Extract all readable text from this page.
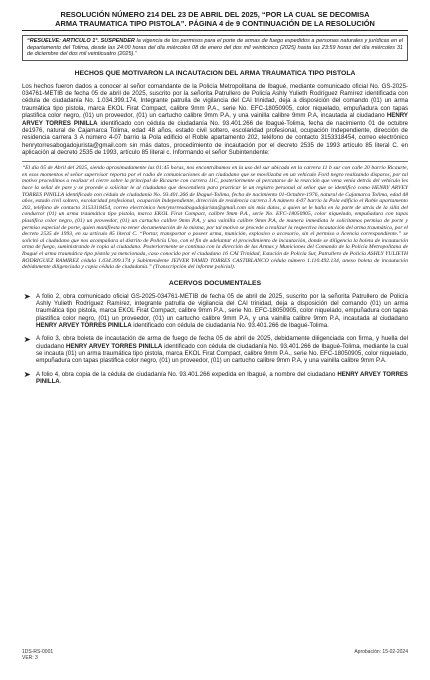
RESOLUCIÓN NÚMERO 214 DEL 23 DE ABRIL DEL 2025, “POR LA CUAL SE DECOMISA
ARMA TRAUMATICA TIPO PISTOLA”. PÁGINA 4 de 9 CONTINUACIÓN DE LA RESOLUCIÓN
“RESUELVE: ARTICULO 1°. SUSPENDER la vigencia de los permisos para el porte de armas de fuego expedidos a personas naturales y jurídicas en el departamento del Tolima, desde las 24:00 horas del día miércoles 08 de enero del dos mil veinticinco (2025) hasta las 23:59 horas del día miércoles 31 de diciembre del dos mil veinticuatro (2025).”
HECHOS QUE MOTIVARON LA INCAUTACION DEL ARMA TRAUMATICA TIPO PISTOLA
Los hechos fueron dados a conocer al señor comandante de la Policía Metropolitana de Ibagué, mediante comunicado oficial No. GS-2025-034761-METIB de fecha 05 de abril de 2025, suscrito por la señorita Patrullero de Policía Ashly Yulieth Rodríguez Ramírez identificada con cédula de ciudadanía No. 1.034.399.174, Integrante patrulla de vigilancia del CAI trinidad, deja a disposición del comando (01) un arma traumática tipo pistola, marca EKOL Firat Compact, calibre 9mm P.A., serie No. EFC-18050905, color niquelado, empuñadura con tapas plastifica color negro, (01) un proveedor, (01) un cartucho calibre 9mm P.A, y una vainilla calibre 9mm P.A, incautada al ciudadano HENRY ARVEY TORRES PINILLA identificado con cédula de ciudadanía No. 93.401.266 de Ibagué-Tolima, fecha de nacimiento 01 de octubre de1976, natural de Cajamarca Tolima, edad 48 años, estado civil soltero, escolaridad profesional, ocupación Independiente, dirección de residencia carrera 3 A número 4-07 barrio la Pola edificio el Roble apartamento 202, teléfono de contacto 3153318454, correo electrónico henrytorresabogadojurista@gmail.com sin más datos, procedimiento de incautación por el decreto 2535 de 1993 artículo 85 literal C. en aplicación al decreto 2535 de 1993, artículo 85 literal c. Informando el señor Subintendente:
“El día 05 de Abril del 2025, siendo aproximadamente las 01:45 horas, nos encontrábamos en la uso del sur ubicada en la carrera 11 b sur con calle 20 barrio Ricaurte, en esos momentos el señor supervisor reporta por el radio de comunicaciones de un ciudadano que se movilizaba en un vehículo Ford negro realizando disparos, por tal motivo procedimos a realizar el cierre sobre la principal de Ricaurte con carrera 11C, posteriormente al percatarse de la reacción que vena venía detrás del vehículo les hace la señal de pare y se procede a solicitar le al ciudadano que descendiera para practicar le un registro personal al señor que se identificó como HENRY ARVEY TORRES PINILLA identificado con cédula de ciudadanía No. 93.401.266 de Ibagué-Tolima, fecha de nacimiento 01-Octubre-1976, natural de Cajamarca Tolima, edad 48 años, estado civil soltero, escolaridad profesional, ocupación Independiente, dirección de residencia carrera 3 A número 4-07 barrio la Pola edificio el Roble apartamento 202, teléfono de contacto 3153318454, correo electrónico henrytorresabogadojurista@gmail.com sin más datos, a quien se le halla en la parte de atrás de la silla del conductor (01) un arma traumática tipo pistola, marca EKOL Firat Compact, calibre 9mm P.A., serie No. EFC-18050905, color niquelado, empuñadura con tapas plastifica color negro, (01) un proveedor, (01) un cartucho calibre 9mm P.A, y una vainilla calibre 9mm P.A, de manera inmediata le solicitamos permiso de porte y permiso especial de porte, quien manifiesta no tener documentación de la misma, por tal motivo se procede a realizar la respectiva incautación del arma traumática, por el decreto 2535 de 1993, en su artículo 85 literal C. “Portar, transportar o poseer arma, munición, explosivo o accesorio, sin el permiso o licencia correspondiente.” se solicitó al ciudadano que nos acompañara al distrito de Policía Uno, con el fin de adelantar el procedimiento de incautación, donde se diligencia la boleta de incautación arma de fuego, suministrando le copia al ciudadano. Posteriormente se continua con la dirección de las Armas y Municiones del Comando de la Policía Metropolitana de Ibagué el arma traumática tipo pistola ya mencionada, caso conocido por el ciudadano 16 CAI Trinidad, Estación de Policía Sur, Patrullero de Policía ASHLY YULIETH RODRIGUEZ RAMIREZ cédula 1.034.399.174 y Subintendente JEIVER YAMID TORRES CASTIBLANCO cédula número 1.110.492.134, anexo boleta de incautación debidamente diligenciada y copia cédula de ciudadanía.” (Transcripción del informe policial).
ACERVOS DOCUMENTALES
A folio 2, obra comunicado oficial GS-2025-034761-METIB de fecha 05 de abril de 2025, suscrito por la señorita Patrullero de Policía Ashly Yulieth Rodríguez Ramírez, integrante patrulla de vigilancia del CAI trinidad, deja a disposición del comando (01) un arma traumática tipo pistola, marca EKOL Firat Compact, calibre 9mm P.A., serie No. EFC-18050905, color niquelado, empuñadura con tapas plastifica color negro, (01) un proveedor, (01) un cartucho calibre 9mm P.A, y una vainilla calibre 9mm P.A, incautada al ciudadano HENRY ARVEY TORRES PINILLA identificado con cédula de ciudadanía No. 93.401.266 de Ibagué-Tolima.
A folio 3, obra boleta de incautación de arma de fuego de fecha 05 de abril de 2025, debidamente diligenciada con firma, y huella del ciudadano HENRY ARVEY TORRES PINILLA identificado con cédula de ciudadanía No. 93.401.266 de Ibagué-Tolima, mediante la cual se incauta (01) un arma traumática tipo pistola, marca EKOL Firat Compact, calibre 9mm P.A., serie No. EFC-18050905, color niquelado, empuñadura con tapas plastifica color negro, (01) un proveedor, (01) un cartucho calibre 9mm P.A, y una vainilla calibre 9mm P.A.
A folio 4, obra copia de la cédula de ciudadanía No. 93.401.266 expedida en Ibagué, a nombre del ciudadano HENRY ARVEY TORRES PINILLA.
1DS-RS-0001
VER: 3
Aprobación: 15-02-2024
